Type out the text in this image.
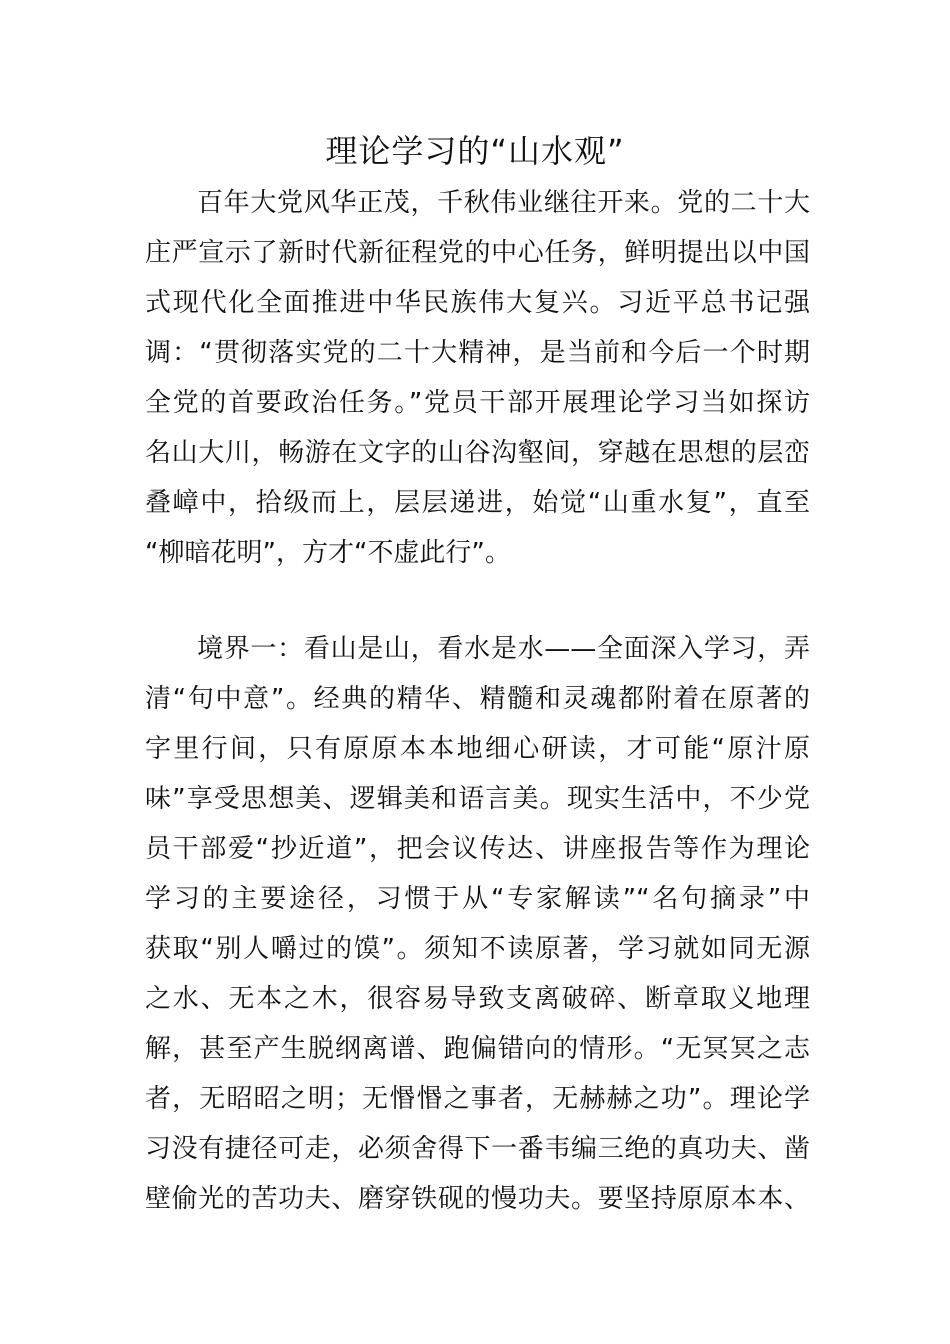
理论学习的“山水观”
百年大党风华正茂，千秋伟业继往开来。党的二十大
庄严宣示了新时代新征程党的中心任务，鲜明提出以中国
式现代化全面推进中华民族伟大复兴。习近平总书记强
调：“贯彻落实党的二十大精神，是当前和今后一个时期
全党的首要政治任务。”党员干部开展理论学习当如探访
名山大川，畅游在文字的山谷沟壑间，穿越在思想的层峦
叠嶂中，拾级而上，层层递进，始觉“山重水复”，直至
“柳暗花明”，方才“不虚此行”。
境界一：看山是山，看水是水——全面深入学习，弄
清“句中意”。经典的精华、精髓和灵魂都附着在原著的
字里行间，只有原原本本地细心研读，才可能“原汁原
味”享受思想美、逻辑美和语言美。现实生活中，不少党
员干部爱“抄近道”，把会议传达、讲座报告等作为理论
学习的主要途径，习惯于从“专家解读”“名句摘录”中
获取“别人嚼过的馍”。须知不读原著，学习就如同无源
之水、无本之木，很容易导致支离破碎、断章取义地理
解，甚至产生脱纲离谱、跑偏错向的情形。“无冥冥之志
者，无昭昭之明；无惽惽之事者，无赫赫之功”。理论学
习没有捷径可走，必须舍得下一番韦编三绝的真功夫、凿
壁偷光的苦功夫、磨穿铁砚的慢功夫。要坚持原原本本、
